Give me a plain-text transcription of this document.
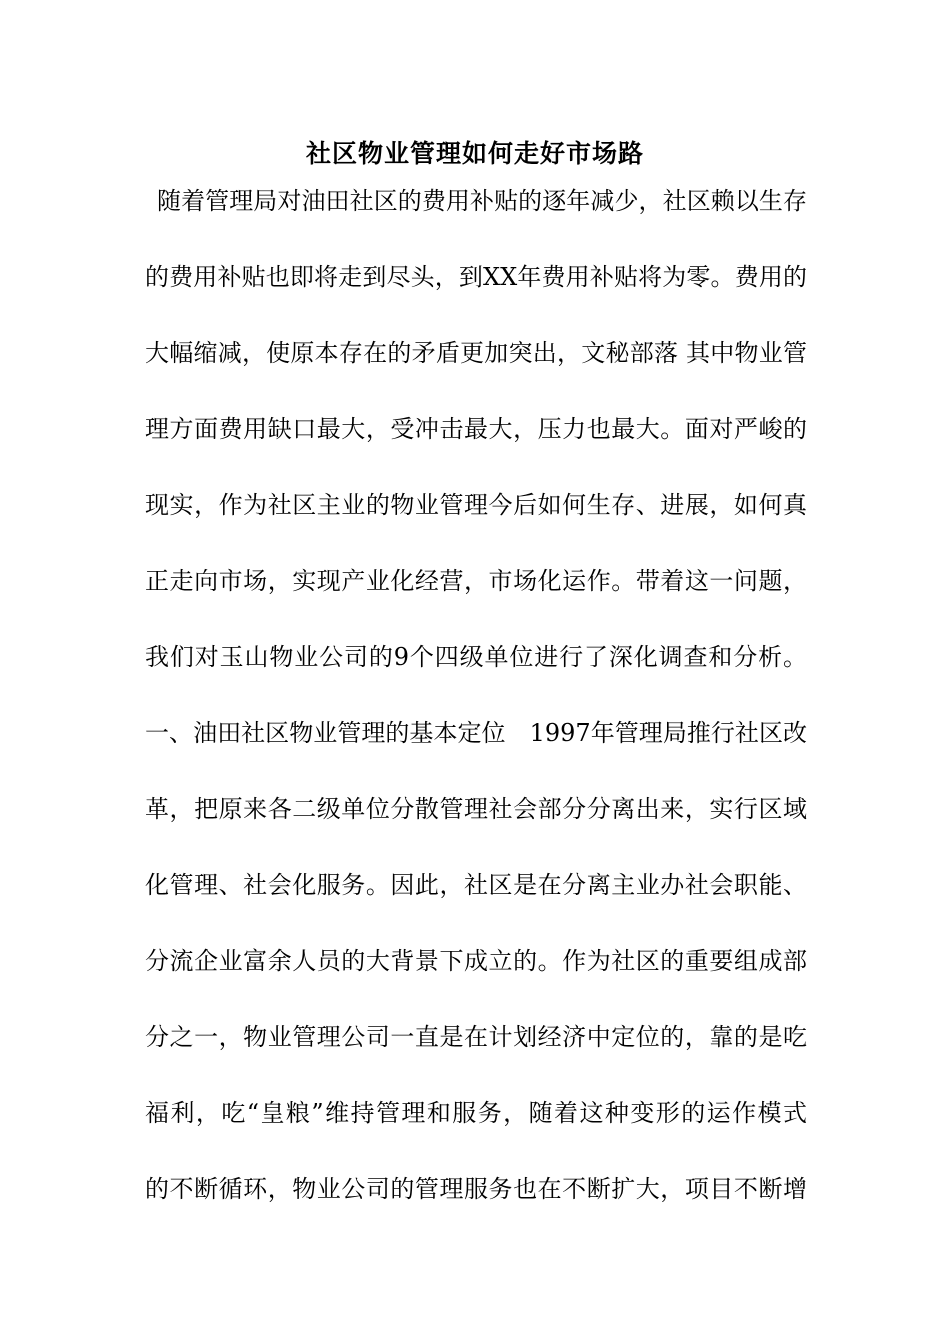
社区物业管理如何走好市场路
随着管理局对油田社区的费用补贴的逐年减少，社区赖以生存
的费用补贴也即将走到尽头，到XX年费用补贴将为零。费用的
大幅缩减，使原本存在的矛盾更加突出，文秘部落 其中物业管
理方面费用缺口最大，受冲击最大，压力也最大。面对严峻的
现实，作为社区主业的物业管理今后如何生存、进展，如何真
正走向市场，实现产业化经营，市场化运作。带着这一问题，
我们对玉山物业公司的9个四级单位进行了深化调查和分析。
一、油田社区物业管理的基本定位　1997年管理局推行社区改
革，把原来各二级单位分散管理社会部分分离出来，实行区域
化管理、社会化服务。因此，社区是在分离主业办社会职能、
分流企业富余人员的大背景下成立的。作为社区的重要组成部
分之一，物业管理公司一直是在计划经济中定位的，靠的是吃
福利，吃“皇粮”维持管理和服务，随着这种变形的运作模式
的不断循环，物业公司的管理服务也在不断扩大，项目不断增
